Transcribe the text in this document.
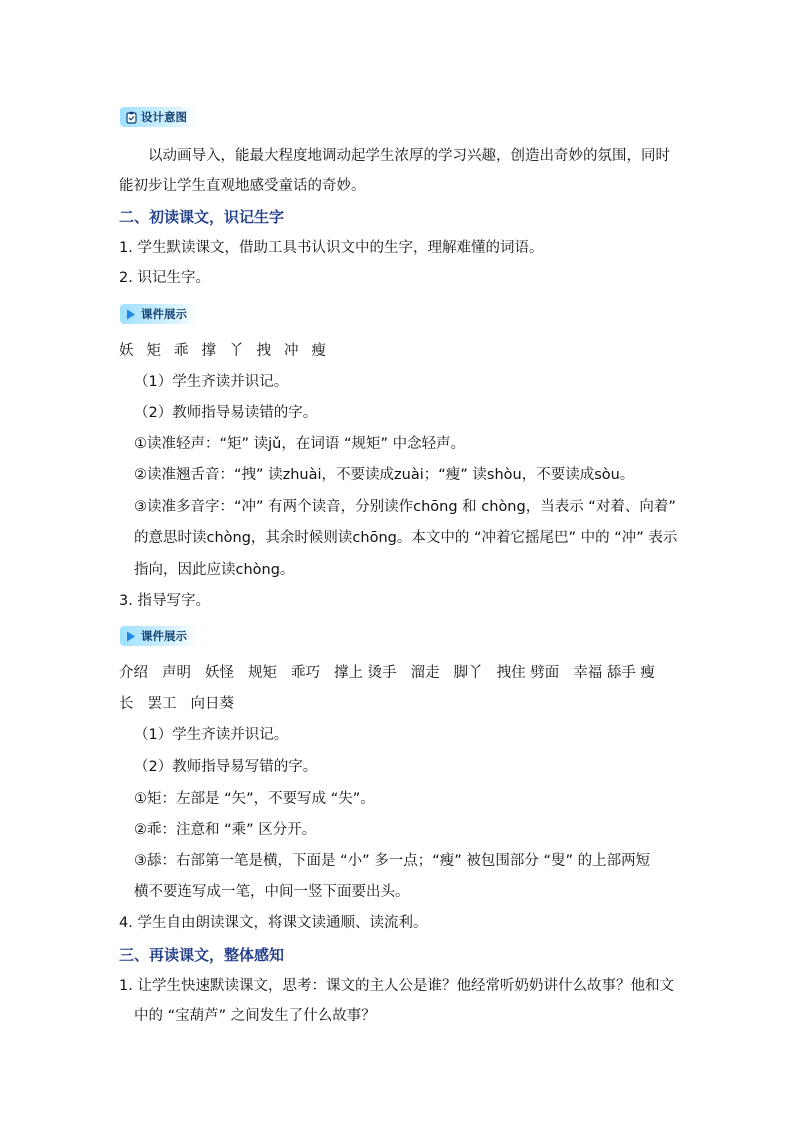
设计意图
以动画导入，能最大程度地调动起学生浓厚的学习兴趣，创造出奇妙的氛围，同时
能初步让学生直观地感受童话的奇妙。
二、初读课文，识记生字
1. 学生默读课文，借助工具书认识文中的生字，理解难懂的词语。
2. 识记生字。
课件展示
妖 矩 乖 撑 丫 拽 冲 瘦
（1）学生齐读并识记。
（2）教师指导易读错的字。
①读准轻声：“矩” 读jǔ，在词语 “规矩” 中念轻声。
②读准翘舌音：“拽” 读zhuài，不要读成zuài；“瘦” 读shòu，不要读成sòu。
③读准多音字：“冲” 有两个读音，分别读作chōng 和 chòng，当表示 “对着、向着”
的意思时读chòng，其余时候则读chōng。本文中的 “冲着它摇尾巴” 中的 “冲” 表示
指向，因此应读chòng。
3. 指导写字。
课件展示
介绍 声明 妖怪 规矩 乖巧 撑上 烫手 溜走 脚丫 拽住 劈面 幸福 舔手 瘦
长 罢工 向日葵
（1）学生齐读并识记。
（2）教师指导易写错的字。
①矩：左部是 “矢”，不要写成 “失”。
②乖：注意和 “乘” 区分开。
③舔：右部第一笔是横，下面是 “小” 多一点；“瘦” 被包围部分 “叟” 的上部两短
横不要连写成一笔，中间一竖下面要出头。
4. 学生自由朗读课文，将课文读通顺、读流利。
三、再读课文，整体感知
1. 让学生快速默读课文，思考：课文的主人公是谁？他经常听奶奶讲什么故事？他和文
中的 “宝葫芦” 之间发生了什么故事？
